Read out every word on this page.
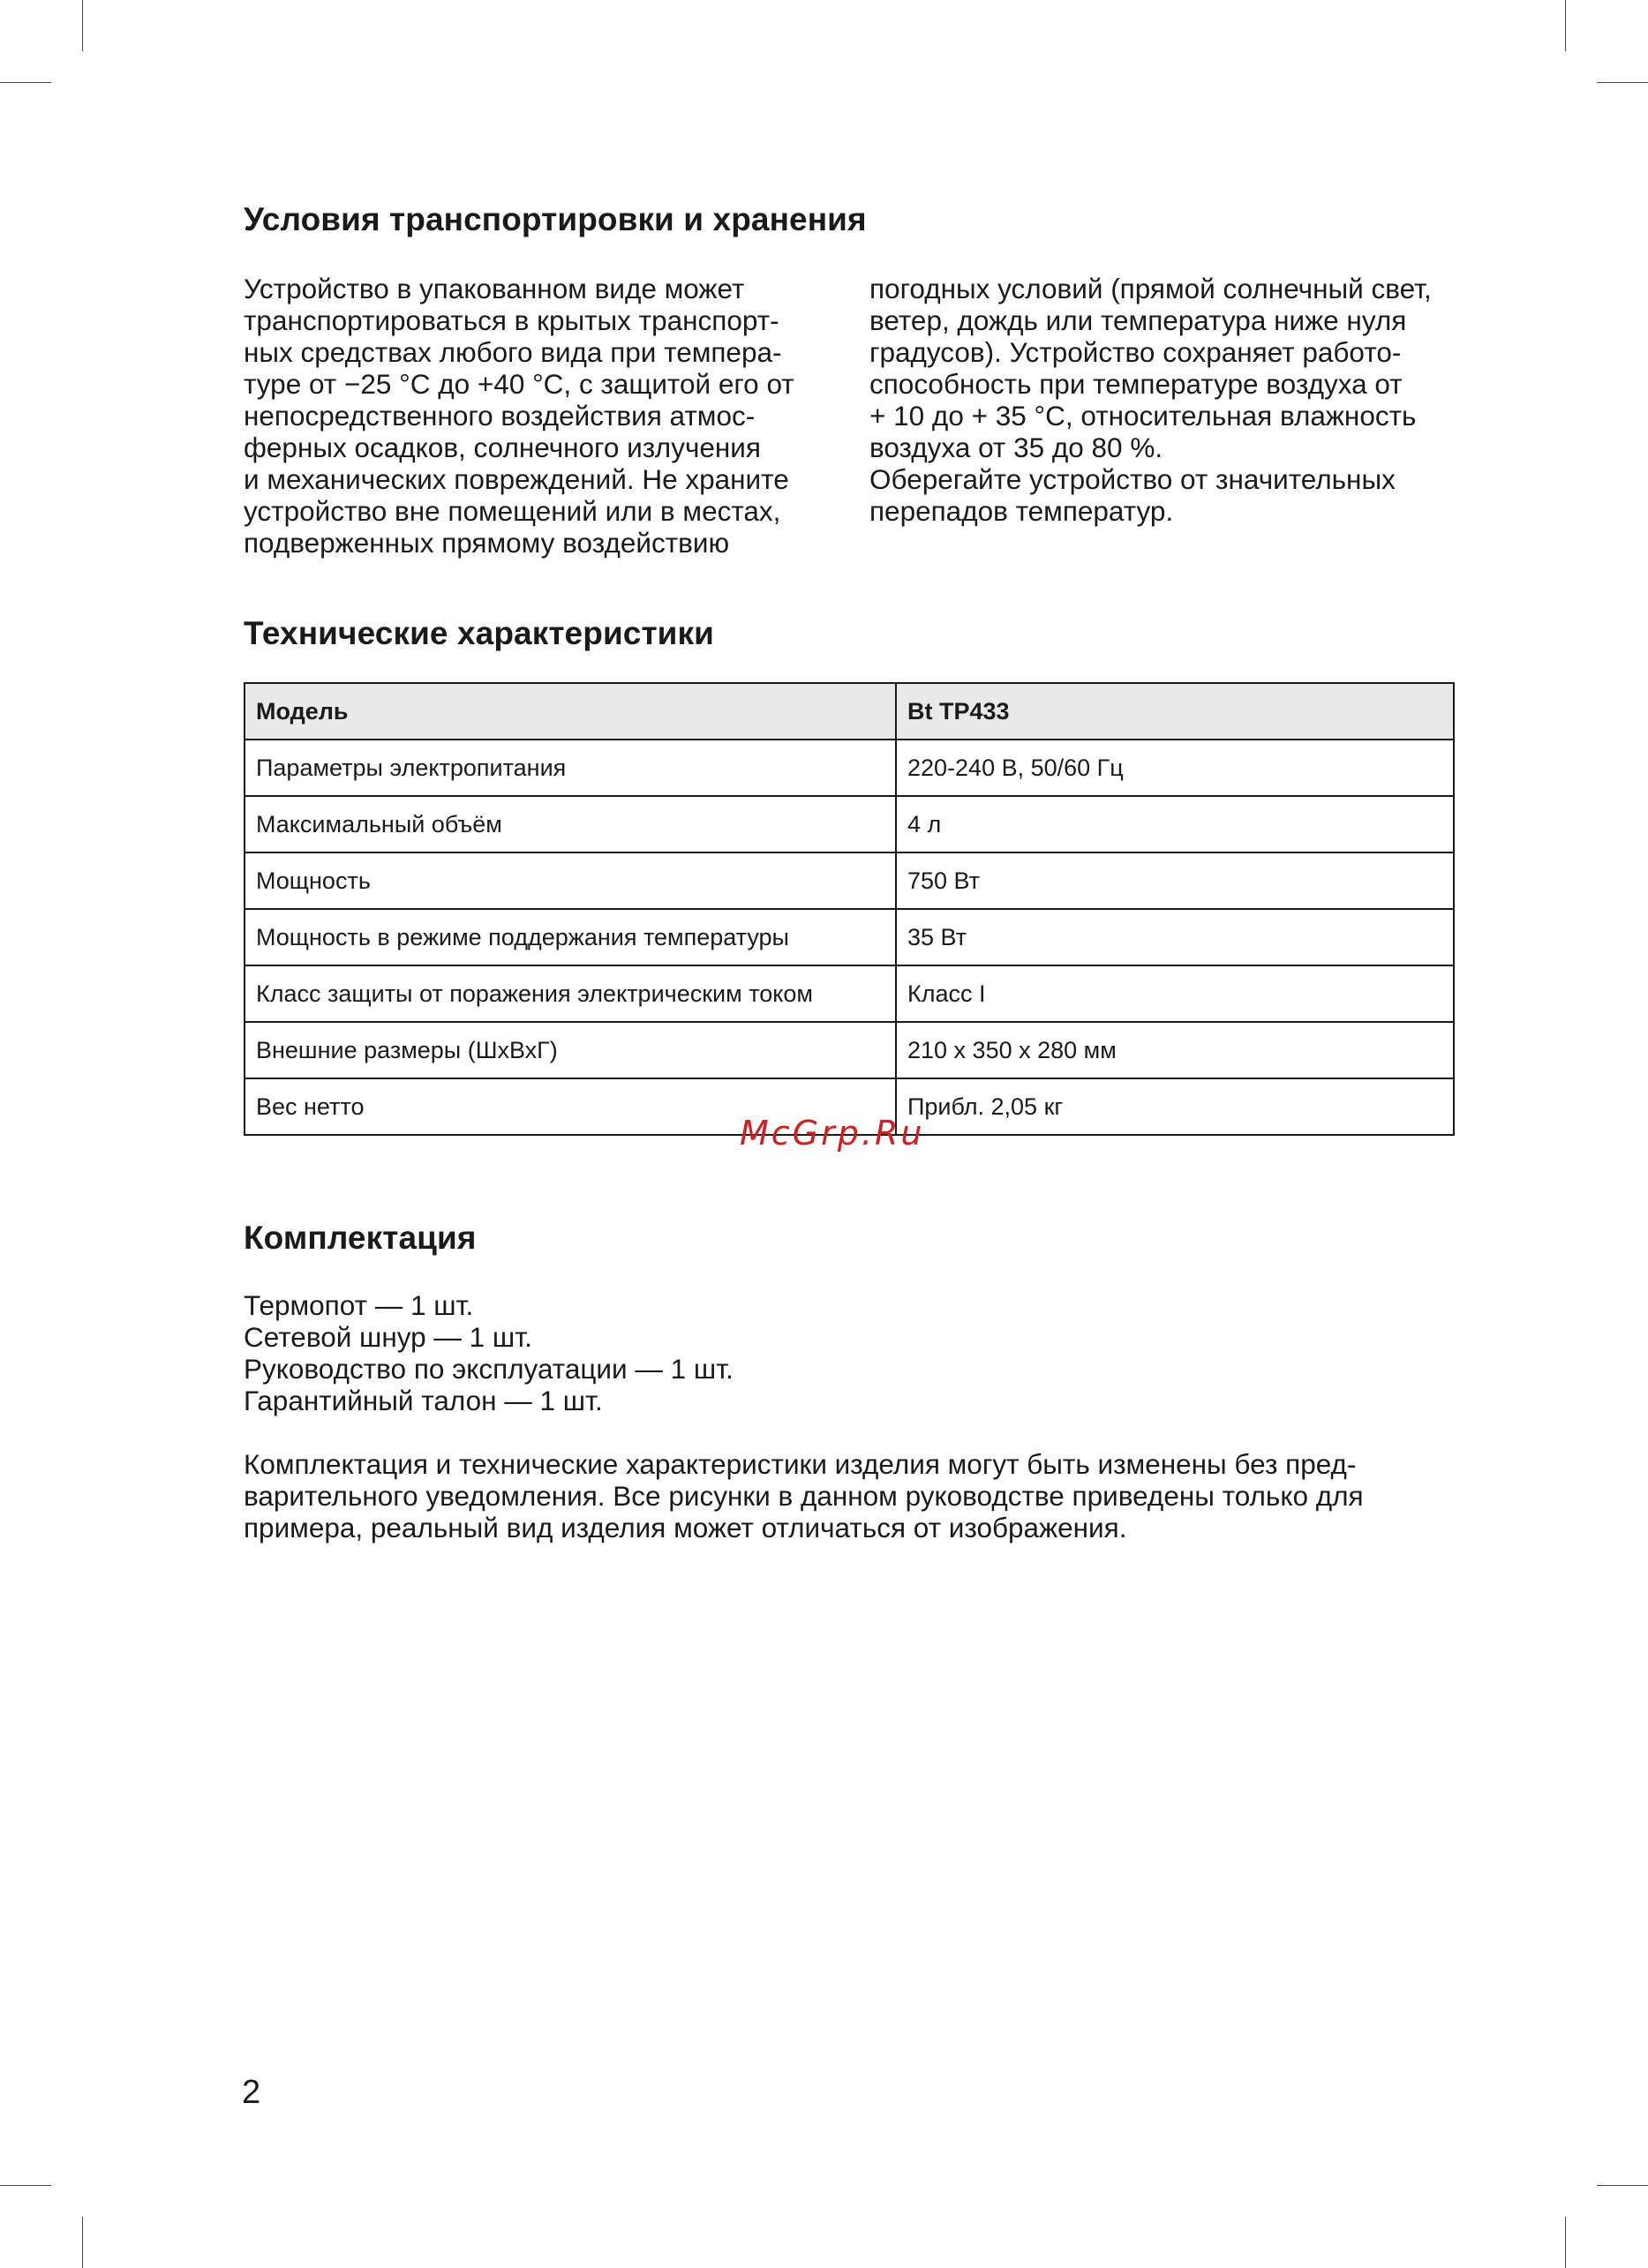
Условия транспортировки и хранения
Устройство в упакованном виде может
транспортироваться в крытых транспорт-
ных средствах любого вида при темпера-
туре от −25 °С до +40 °С, с защитой его от
непосредственного воздействия атмос-
ферных осадков, солнечного излучения
и механических повреждений. Не храните
устройство вне помещений или в местах,
подверженных прямому воздействию
погодных условий (прямой солнечный свет,
ветер, дождь или температура ниже нуля
градусов). Устройство сохраняет работо-
способность при температуре воздуха от
+ 10 до + 35 °С, относительная влажность
воздуха от 35 до 80 %.
Оберегайте устройство от значительных
перепадов температур.
Технические характеристики
Модель	Bt TP433
Параметры электропитания	220-240 В, 50/60 Гц
Максимальный объём	4 л
Мощность	750 Вт
Мощность в режиме поддержания температуры	35 Вт
Класс защиты от поражения электрическим током	Класс I
Внешние размеры (ШхВхГ)	210 x 350 x 280 мм
Вес нетто	Прибл. 2,05 кг
McGrp.Ru
Комплектация
Термопот — 1 шт.
Сетевой шнур — 1 шт.
Руководство по эксплуатации — 1 шт.
Гарантийный талон — 1 шт.
Комплектация и технические характеристики изделия могут быть изменены без пред-
варительного уведомления. Все рисунки в данном руководстве приведены только для
примера, реальный вид изделия может отличаться от изображения.
2
